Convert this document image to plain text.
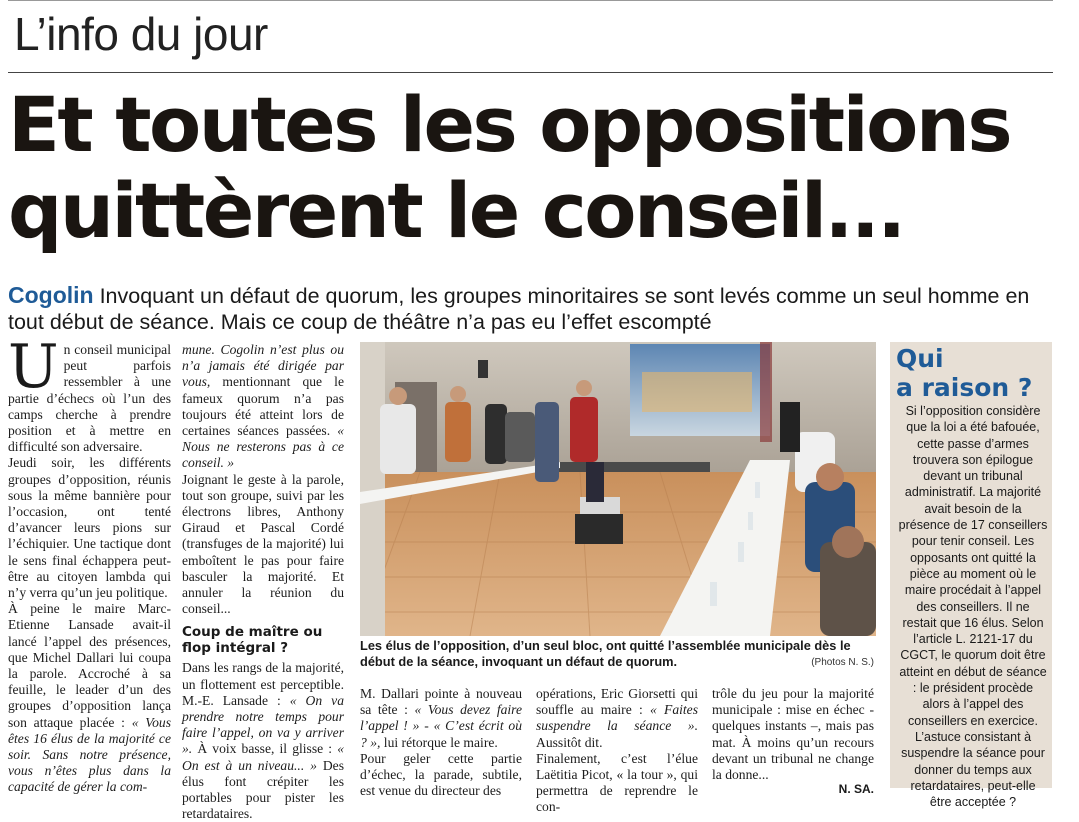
L’info du jour
Et toutes les oppositions
quittèrent le conseil...
Cogolin Invoquant un défaut de quorum, les groupes minoritaires se sont levés comme un seul homme en tout début de séance. Mais ce coup de théâtre n’a pas eu l’effet escompté
U n conseil municipal peut parfois ressembler à une partie d’échecs où l’un des camps cherche à prendre position et à mettre en difficulté son adversaire.

Jeudi soir, les différents groupes d’opposition, réunis sous la même bannière pour l’occasion, ont tenté d’avancer leurs pions sur l’échiquier. Une tactique dont le sens final échappera peut-être au citoyen lambda qui n’y verra qu’un jeu politique.

À peine le maire Marc-Etienne Lansade avait-il lancé l’appel des présences, que Michel Dallari lui coupa la parole. Accroché à sa feuille, le leader d’un des groupes d’opposition lança son attaque placée : « Vous êtes 16 élus de la majorité ce soir. Sans notre présence, vous n’êtes plus dans la capacité de gérer la com-

mune. Cogolin n’est plus ou n’a jamais été dirigée par vous, mentionnant que le fameux quorum n’a pas toujours été atteint lors de certaines séances passées. « Nous ne resterons pas à ce conseil. »

Joignant le geste à la parole, tout son groupe, suivi par les électrons libres, Anthony Giraud et Pascal Cordé (transfuges de la majorité) lui emboîtent le pas pour faire basculer la majorité. Et annuler la réunion du conseil...

Coup de maître ou flop intégral ?

Dans les rangs de la majorité, un flottement est perceptible. M.-E. Lansade : « On va prendre notre temps pour faire l’appel, on va y arriver ». À voix basse, il glisse : « On est à un niveau... » Des élus font crépiter les portables pour pister les retardataires.

Les élus de l’opposition, d’un seul bloc, ont quitté l’assemblée municipale dès le début de la séance, invoquant un défaut de quorum.	(Photos N. S.)

M. Dallari pointe à nouveau sa tête : « Vous devez faire l’appel ! » - « C’est écrit où ? », lui rétorque le maire.

Pour geler cette partie d’échec, la parade, subtile, est venue du directeur des

opérations, Eric Giorsetti qui souffle au maire : « Faites suspendre la séance ». Aussitôt dit.

Finalement, c’est l’élue Laëtitia Picot, « la tour », qui permettra de reprendre le con-

trôle du jeu pour la majorité municipale : mise en échec - quelques instants –, mais pas mat. À moins qu’un recours devant un tribunal ne change la donne...

N. SA.
Qui
a raison ?
Si l’opposition considère que la loi a été bafouée, cette passe d’armes trouvera son épilogue devant un tribunal administratif. La majorité avait besoin de la présence de 17 conseillers pour tenir conseil. Les opposants ont quitté la pièce au moment où le maire procédait à l’appel des conseillers. Il ne restait que 16 élus. Selon l’article L. 2121-17 du CGCT, le quorum doit être atteint en début de séance : le président procède alors à l’appel des conseillers en exercice. L’astuce consistant à suspendre la séance pour donner du temps aux retardataires, peut-elle être acceptée ?
